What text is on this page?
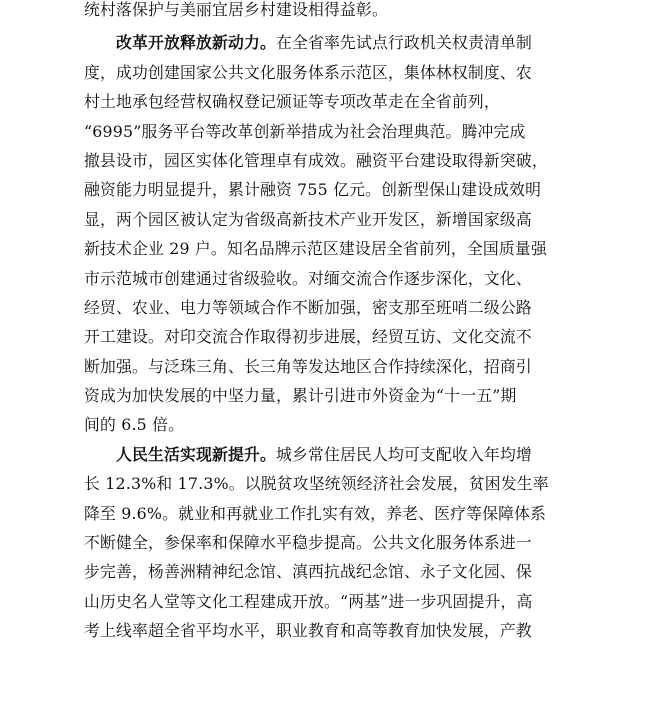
统村落保护与美丽宜居乡村建设相得益彰。
改革开放释放新动力。在全省率先试点行政机关权责清单制
度，成功创建国家公共文化服务体系示范区，集体林权制度、农
村土地承包经营权确权登记颁证等专项改革走在全省前列，
“6995”服务平台等改革创新举措成为社会治理典范。腾冲完成
撤县设市，园区实体化管理卓有成效。融资平台建设取得新突破，
融资能力明显提升，累计融资 755 亿元。创新型保山建设成效明
显，两个园区被认定为省级高新技术产业开发区，新增国家级高
新技术企业 29 户。知名品牌示范区建设居全省前列，全国质量强
市示范城市创建通过省级验收。对缅交流合作逐步深化，文化、
经贸、农业、电力等领域合作不断加强，密支那至班哨二级公路
开工建设。对印交流合作取得初步进展，经贸互访、文化交流不
断加强。与泛珠三角、长三角等发达地区合作持续深化，招商引
资成为加快发展的中坚力量，累计引进市外资金为“十一五”期
间的 6.5 倍。
人民生活实现新提升。城乡常住居民人均可支配收入年均增
长 12.3%和 17.3%。以脱贫攻坚统领经济社会发展，贫困发生率
降至 9.6%。就业和再就业工作扎实有效，养老、医疗等保障体系
不断健全，参保率和保障水平稳步提高。公共文化服务体系进一
步完善，杨善洲精神纪念馆、滇西抗战纪念馆、永子文化园、保
山历史名人堂等文化工程建成开放。“两基”进一步巩固提升，高
考上线率超全省平均水平，职业教育和高等教育加快发展，产教
